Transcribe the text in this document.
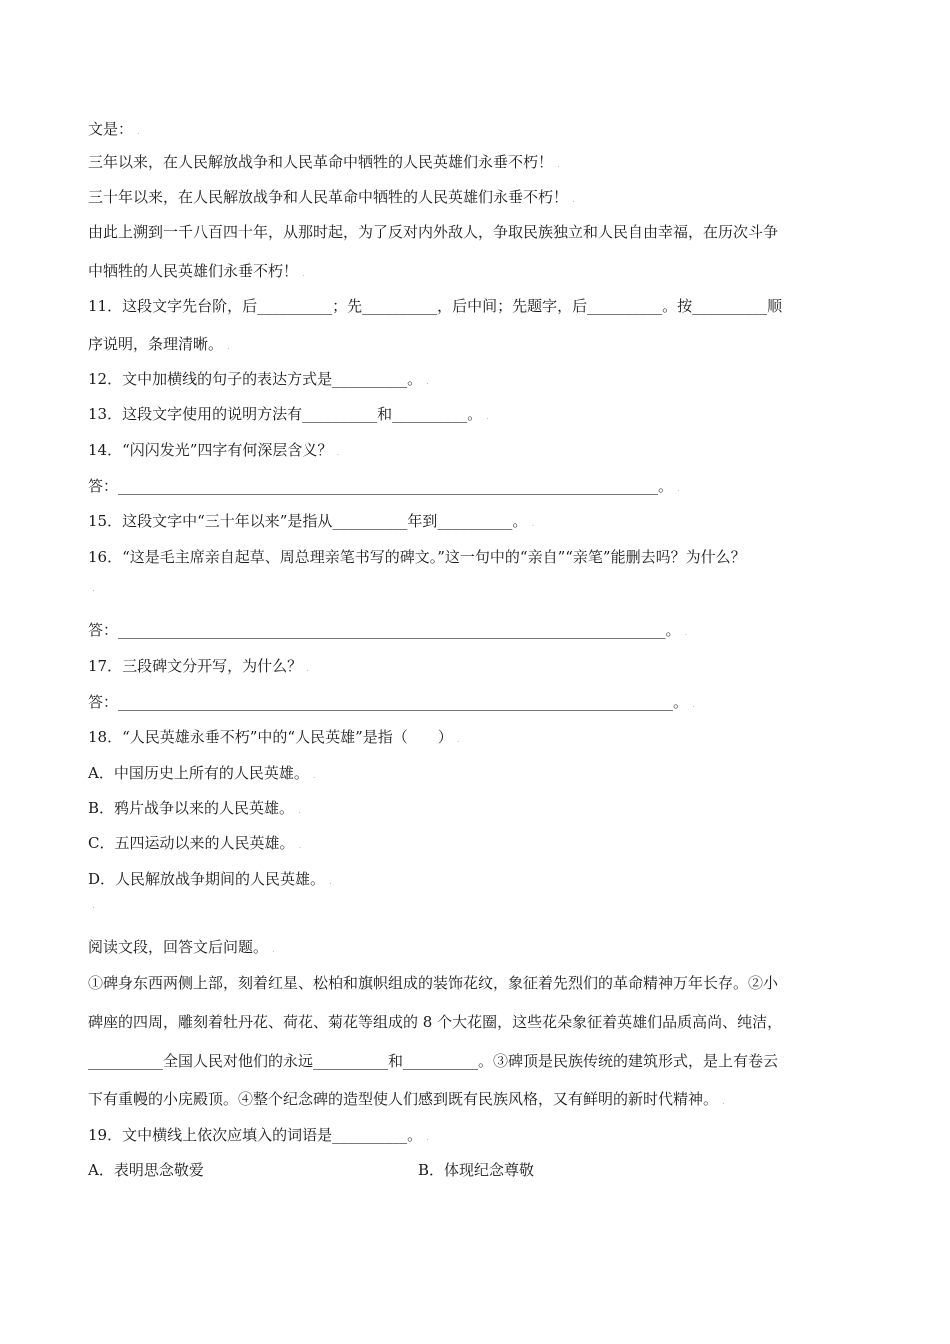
文是： .
三年以来，在人民解放战争和人民革命中牺牲的人民英雄们永垂不朽！ .
三十年以来，在人民解放战争和人民革命中牺牲的人民英雄们永垂不朽！ .
由此上溯到一千八百四十年，从那时起，为了反对内外敌人，争取民族独立和人民自由幸福，在历次斗争
中牺牲的人民英雄们永垂不朽！ .
11．这段文字先台阶，后__________；先__________，后中间；先题字，后__________。按__________顺
序说明，条理清晰。 .
12．文中加横线的句子的表达方式是__________。 .
13．这段文字使用的说明方法有__________和__________。 .
14．“闪闪发光”四字有何深层含义？ .
答：________________________________________________________________________。 .
15．这段文字中“三十年以来”是指从__________年到__________。 .
16．“这是毛主席亲自起草、周总理亲笔书写的碑文。”这一句中的“亲自”“亲笔”能删去吗？为什么？
.
答：_________________________________________________________________________。 .
17．三段碑文分开写，为什么？ .
答：__________________________________________________________________________。 .
18．“人民英雄永垂不朽”中的“人民英雄”是指（　　） .
A．中国历史上所有的人民英雄。 .
B．鸦片战争以来的人民英雄。 .
C．五四运动以来的人民英雄。 .
D．人民解放战争期间的人民英雄。 .
.
阅读文段，回答文后问题。 .
①碑身东西两侧上部，刻着红星、松柏和旗帜组成的装饰花纹，象征着先烈们的革命精神万年长存。②小
碑座的四周，雕刻着牡丹花、荷花、菊花等组成的 8 个大花圈，这些花朵象征着英雄们品质高尚、纯洁，
__________全国人民对他们的永远__________和__________。③碑顶是民族传统的建筑形式，是上有卷云
下有重幔的小庑殿顶。④整个纪念碑的造型使人们感到既有民族风格，又有鲜明的新时代精神。 .
19．文中横线上依次应填入的词语是__________。 .
A．表明思念敬爱	B．体现纪念尊敬
